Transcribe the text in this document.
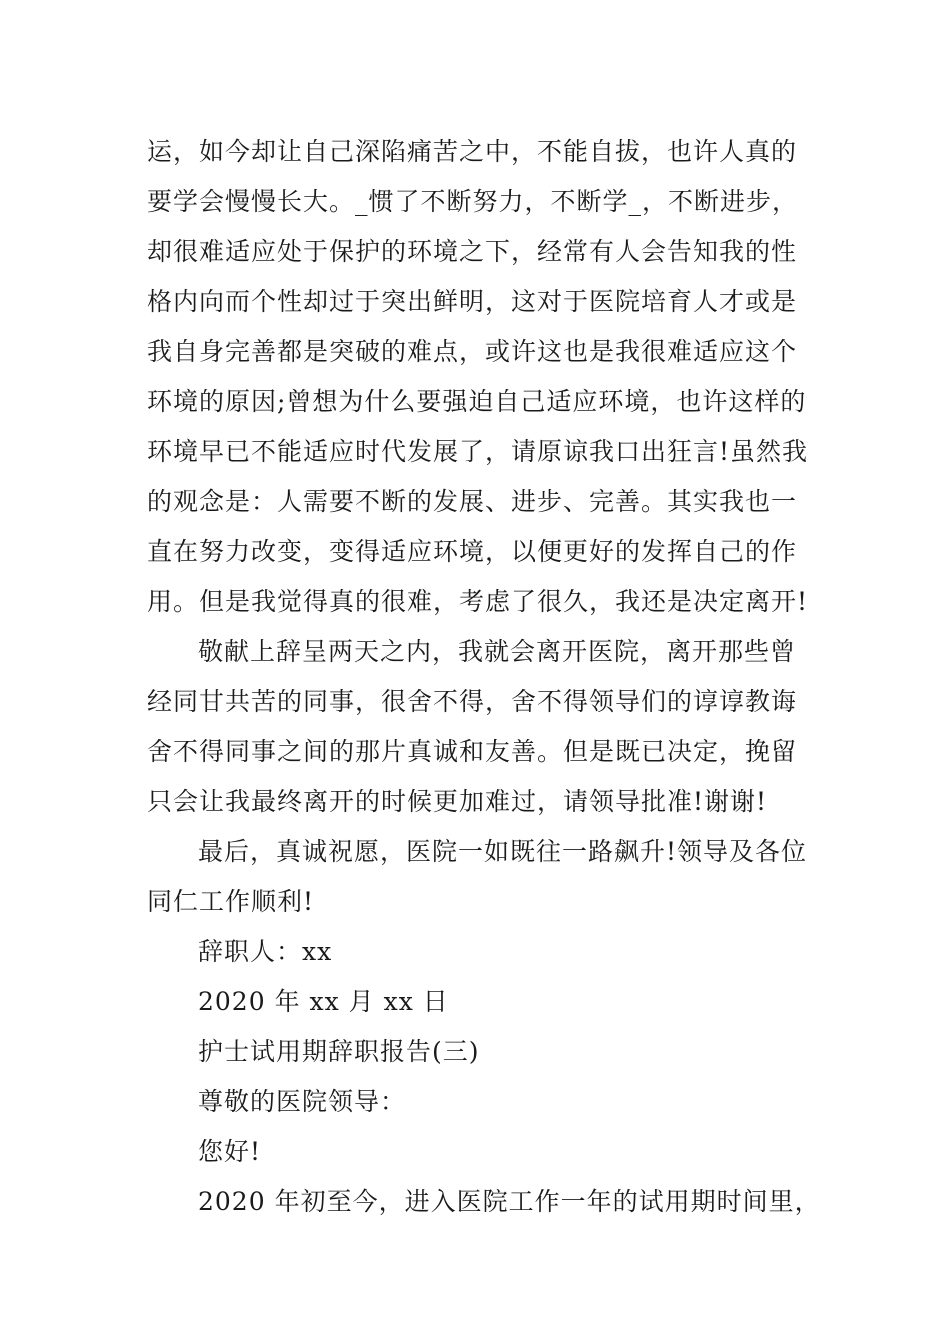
运，如今却让自己深陷痛苦之中，不能自拔，也许人真的
要学会慢慢长大。_惯了不断努力，不断学_，不断进步，
却很难适应处于保护的环境之下，经常有人会告知我的性
格内向而个性却过于突出鲜明，这对于医院培育人才或是
我自身完善都是突破的难点，或许这也是我很难适应这个
环境的原因;曾想为什么要强迫自己适应环境，也许这样的
环境早已不能适应时代发展了，请原谅我口出狂言!虽然我
的观念是：人需要不断的发展、进步、完善。其实我也一
直在努力改变，变得适应环境，以便更好的发挥自己的作
用。但是我觉得真的很难，考虑了很久，我还是决定离开!
敬献上辞呈两天之内，我就会离开医院，离开那些曾
经同甘共苦的同事，很舍不得，舍不得领导们的谆谆教诲
舍不得同事之间的那片真诚和友善。但是既已决定，挽留
只会让我最终离开的时候更加难过，请领导批准!谢谢!
最后，真诚祝愿，医院一如既往一路飙升!领导及各位
同仁工作顺利!
辞职人：xx
2020 年 xx 月 xx 日
护士试用期辞职报告(三)
尊敬的医院领导：
您好!
2020 年初至今，进入医院工作一年的试用期时间里，
